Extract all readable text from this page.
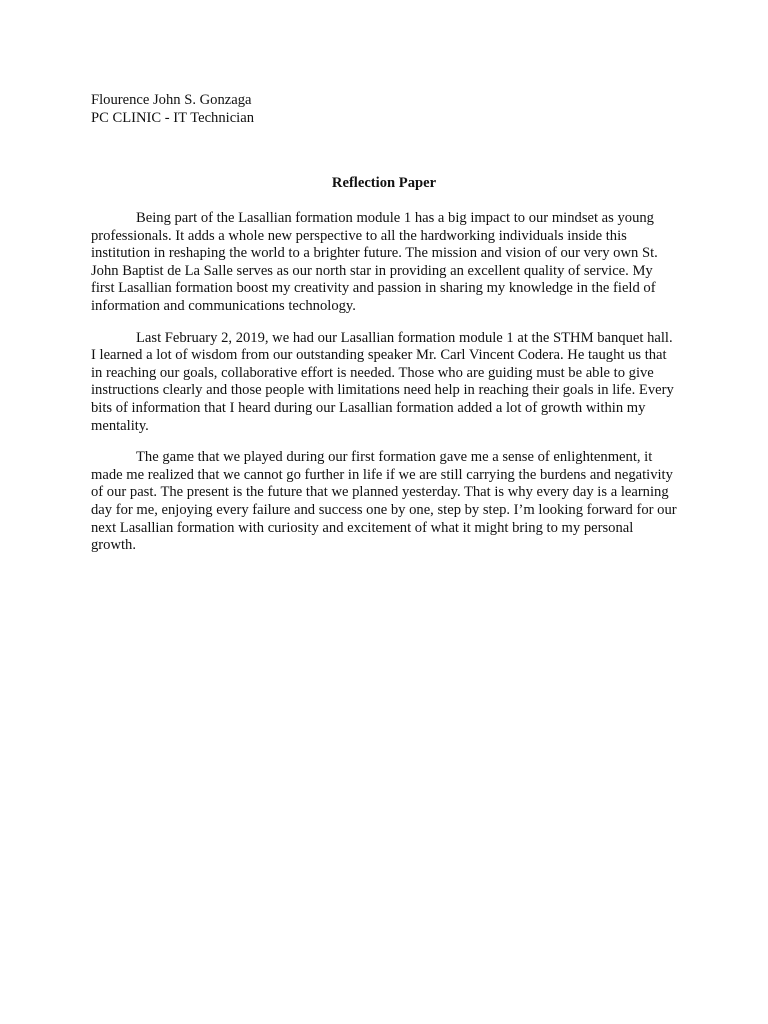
Flourence John S. Gonzaga
PC CLINIC - IT Technician
Reflection Paper

Being part of the Lasallian formation module 1 has a big impact to our mindset as young professionals. It adds a whole new perspective to all the hardworking individuals inside this institution in reshaping the world to a brighter future. The mission and vision of our very own St. John Baptist de La Salle serves as our north star in providing an excellent quality of service. My first Lasallian formation boost my creativity and passion in sharing my knowledge in the field of information and communications technology.

Last February 2, 2019, we had our Lasallian formation module 1 at the STHM banquet hall. I learned a lot of wisdom from our outstanding speaker Mr. Carl Vincent Codera. He taught us that in reaching our goals, collaborative effort is needed. Those who are guiding must be able to give instructions clearly and those people with limitations need help in reaching their goals in life. Every bits of information that I heard during our Lasallian formation added a lot of growth within my mentality.

The game that we played during our first formation gave me a sense of enlightenment, it made me realized that we cannot go further in life if we are still carrying the burdens and negativity of our past. The present is the future that we planned yesterday. That is why every day is a learning day for me, enjoying every failure and success one by one, step by step. I’m looking forward for our next Lasallian formation with curiosity and excitement of what it might bring to my personal growth.
